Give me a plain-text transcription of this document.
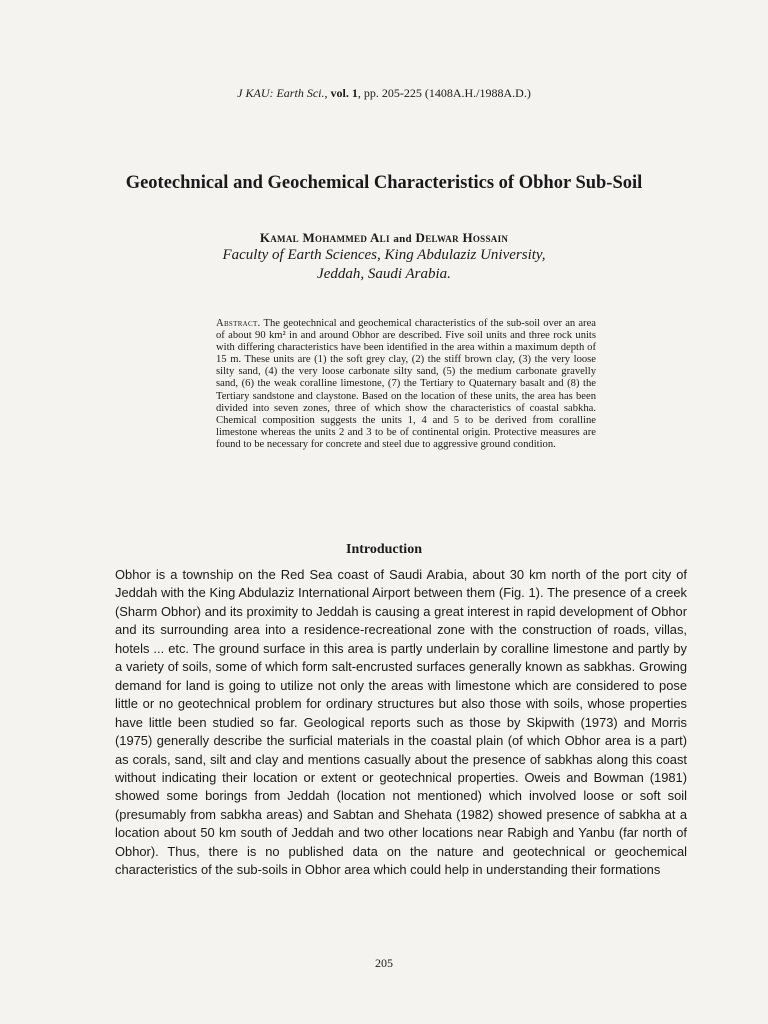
J KAU: Earth Sci., vol. 1, pp. 205-225 (1408A.H./1988A.D.)
Geotechnical and Geochemical Characteristics of Obhor Sub-Soil
Kamal Mohammed Ali and Delwar Hossain
Faculty of Earth Sciences, King Abdulaziz University,
Jeddah, Saudi Arabia.
Abstract. The geotechnical and geochemical characteristics of the sub-soil over an area of about 90 km² in and around Obhor are described. Five soil units and three rock units with differing characteristics have been identified in the area within a maximum depth of 15 m. These units are (1) the soft grey clay, (2) the stiff brown clay, (3) the very loose silty sand, (4) the very loose carbonate silty sand, (5) the medium carbonate gravelly sand, (6) the weak coralline limestone, (7) the Tertiary to Quaternary basalt and (8) the Tertiary sandstone and claystone. Based on the location of these units, the area has been divided into seven zones, three of which show the characteristics of coastal sabkha. Chemical composition suggests the units 1, 4 and 5 to be derived from coralline limestone whereas the units 2 and 3 to be of continental origin. Protective measures are found to be necessary for concrete and steel due to aggressive ground condition.
Introduction
Obhor is a township on the Red Sea coast of Saudi Arabia, about 30 km north of the port city of Jeddah with the King Abdulaziz International Airport between them (Fig. 1). The presence of a creek (Sharm Obhor) and its proximity to Jeddah is causing a great interest in rapid development of Obhor and its surrounding area into a residence-recreational zone with the construction of roads, villas, hotels ... etc. The ground surface in this area is partly underlain by coralline limestone and partly by a variety of soils, some of which form salt-encrusted surfaces generally known as sabkhas. Growing demand for land is going to utilize not only the areas with limestone which are considered to pose little or no geotechnical problem for ordinary structures but also those with soils, whose properties have little been studied so far. Geological reports such as those by Skipwith (1973) and Morris (1975) generally describe the surficial materials in the coastal plain (of which Obhor area is a part) as corals, sand, silt and clay and mentions casually about the presence of sabkhas along this coast without indicating their location or extent or geotechnical properties. Oweis and Bowman (1981) showed some borings from Jeddah (location not mentioned) which involved loose or soft soil (presumably from sabkha areas) and Sabtan and Shehata (1982) showed presence of sabkha at a location about 50 km south of Jeddah and two other locations near Rabigh and Yanbu (far north of Obhor). Thus, there is no published data on the nature and geotechnical or geochemical characteristics of the sub-soils in Obhor area which could help in understanding their formations
205
